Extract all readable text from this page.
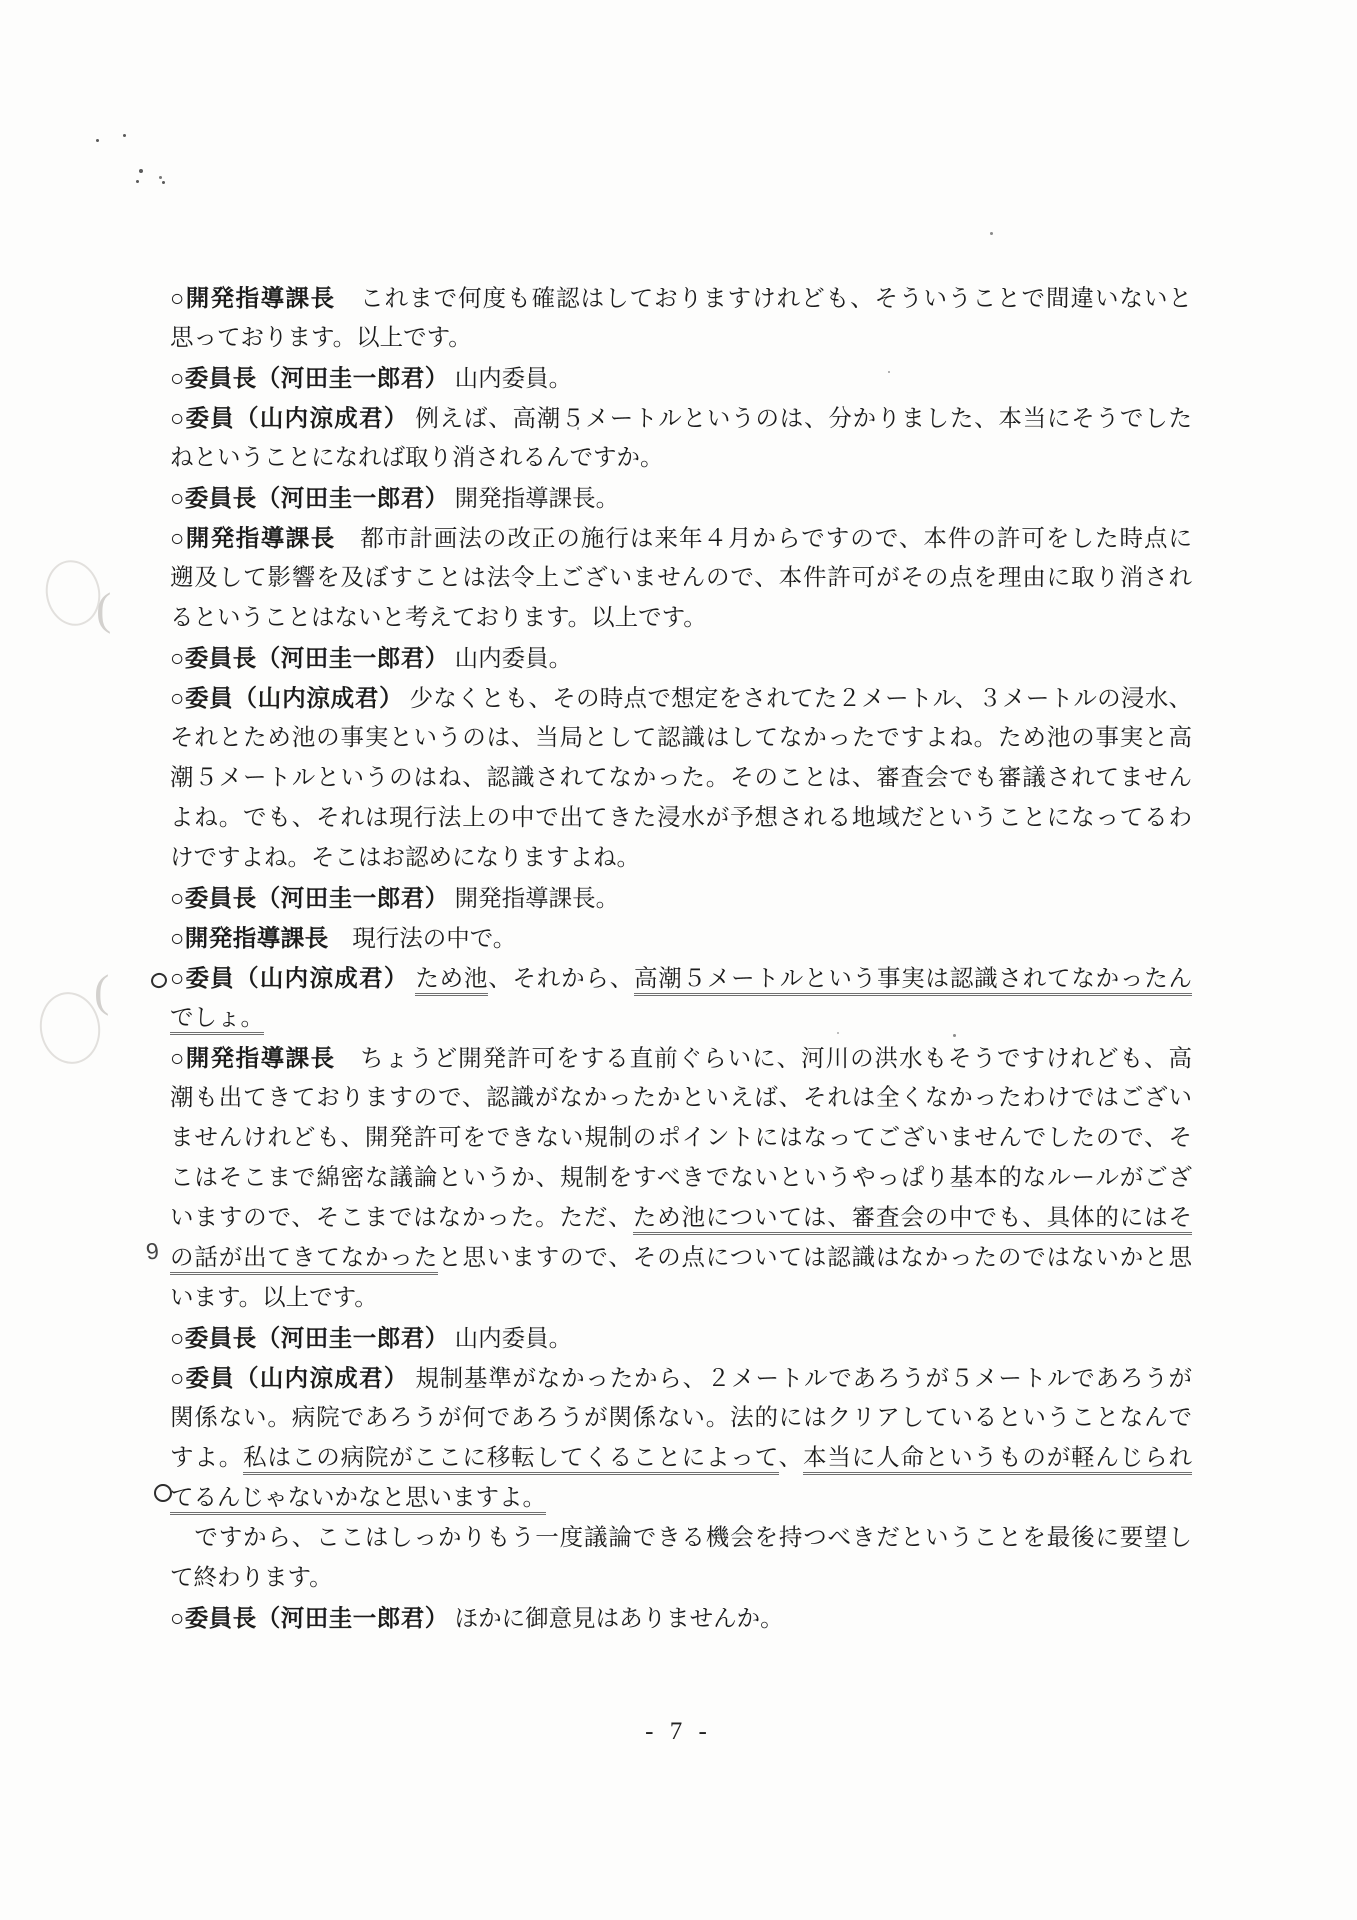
(
(
9
○開発指導課長　これまで何度も確認はしておりますけれども、そういうことで間違いないと
思っております。以上です。
○委員長（河田圭一郎君） 山内委員。
○委員（山内涼成君） 例えば、高潮５メートルというのは、分かりました、本当にそうでした
ねということになれば取り消されるんですか。
○委員長（河田圭一郎君） 開発指導課長。
○開発指導課長　都市計画法の改正の施行は来年４月からですので、本件の許可をした時点に
遡及して影響を及ぼすことは法令上ございませんので、本件許可がその点を理由に取り消され
るということはないと考えております。以上です。
○委員長（河田圭一郎君） 山内委員。
○委員（山内涼成君） 少なくとも、その時点で想定をされてた２メートル、３メートルの浸水、
それとため池の事実というのは、当局として認識はしてなかったですよね。ため池の事実と高
潮５メートルというのはね、認識されてなかった。そのことは、審査会でも審議されてません
よね。でも、それは現行法上の中で出てきた浸水が予想される地域だということになってるわ
けですよね。そこはお認めになりますよね。
○委員長（河田圭一郎君） 開発指導課長。
○開発指導課長　現行法の中で。
○委員（山内涼成君） ため池、それから、高潮５メートルという事実は認識されてなかったん
でしょ。
○開発指導課長　ちょうど開発許可をする直前ぐらいに、河川の洪水もそうですけれども、高
潮も出てきておりますので、認識がなかったかといえば、それは全くなかったわけではござい
ませんけれども、開発許可をできない規制のポイントにはなってございませんでしたので、そ
こはそこまで綿密な議論というか、規制をすべきでないというやっぱり基本的なルールがござ
いますので、そこまではなかった。ただ、ため池については、審査会の中でも、具体的にはそ
の話が出てきてなかったと思いますので、その点については認識はなかったのではないかと思
います。以上です。
○委員長（河田圭一郎君） 山内委員。
○委員（山内涼成君） 規制基準がなかったから、２メートルであろうが５メートルであろうが
関係ない。病院であろうが何であろうが関係ない。法的にはクリアしているということなんで
すよ。私はこの病院がここに移転してくることによって、本当に人命というものが軽んじられ
てるんじゃないかなと思いますよ。
　ですから、ここはしっかりもう一度議論できる機会を持つべきだということを最後に要望し
て終わります。
○委員長（河田圭一郎君） ほかに御意見はありませんか。
- 7 -
